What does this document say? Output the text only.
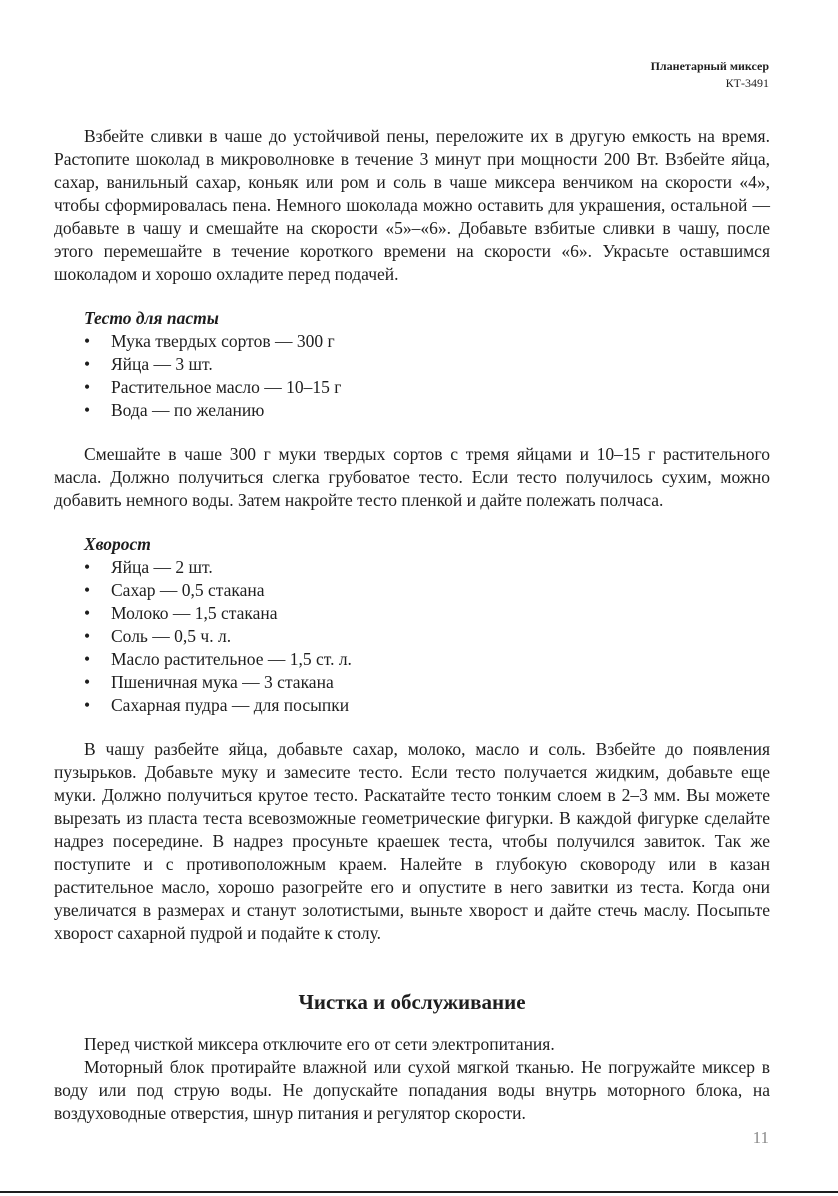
Планетарный миксер
КТ-3491

Взбейте сливки в чаше до устойчивой пены, переложите их в другую емкость на время. Растопите шоколад в микроволновке в течение 3 минут при мощности 200 Вт. Взбейте яйца, сахар, ванильный сахар, коньяк или ром и соль в чаше миксера венчиком на скорости «4», чтобы сформировалась пена. Немного шоколада можно оставить для украшения, остальной — добавьте в чашу и смешайте на скорости «5»–«6». Добавьте взбитые сливки в чашу, после этого перемешайте в течение короткого времени на скорости «6». Украсьте оставшимся шоколадом и хорошо охладите перед подачей.

Тесто для пасты

• Мука твердых сортов — 300 г
• Яйца — 3 шт.
• Растительное масло — 10–15 г
• Вода — по желанию

Смешайте в чаше 300 г муки твердых сортов с тремя яйцами и 10–15 г растительного масла. Должно получиться слегка грубоватое тесто. Если тесто получилось сухим, можно добавить немного воды. Затем накройте тесто пленкой и дайте полежать полчаса.

Хворост

• Яйца — 2 шт.
• Сахар — 0,5 стакана
• Молоко — 1,5 стакана
• Соль — 0,5 ч. л.
• Масло растительное — 1,5 ст. л.
• Пшеничная мука — 3 стакана
• Сахарная пудра — для посыпки

В чашу разбейте яйца, добавьте сахар, молоко, масло и соль. Взбейте до появления пузырьков. Добавьте муку и замесите тесто. Если тесто получается жидким, добавьте еще муки. Должно получиться крутое тесто. Раскатайте тесто тонким слоем в 2–3 мм. Вы можете вырезать из пласта теста всевозможные геометрические фигурки. В каждой фигурке сделайте надрез посередине. В надрез просуньте краешек теста, чтобы получился завиток. Так же поступите и с противоположным краем. Налейте в глубокую сковороду или в казан растительное масло, хорошо разогрейте его и опустите в него завитки из теста. Когда они увеличатся в размерах и станут золотистыми, выньте хворост и дайте стечь маслу. Посыпьте хворост сахарной пудрой и подайте к столу.

Чистка и обслуживание

Перед чисткой миксера отключите его от сети электропитания.

Моторный блок протирайте влажной или сухой мягкой тканью. Не погружайте миксер в воду или под струю воды. Не допускайте попадания воды внутрь моторного блока, на воздуховодные отверстия, шнур питания и регулятор скорости.

11
